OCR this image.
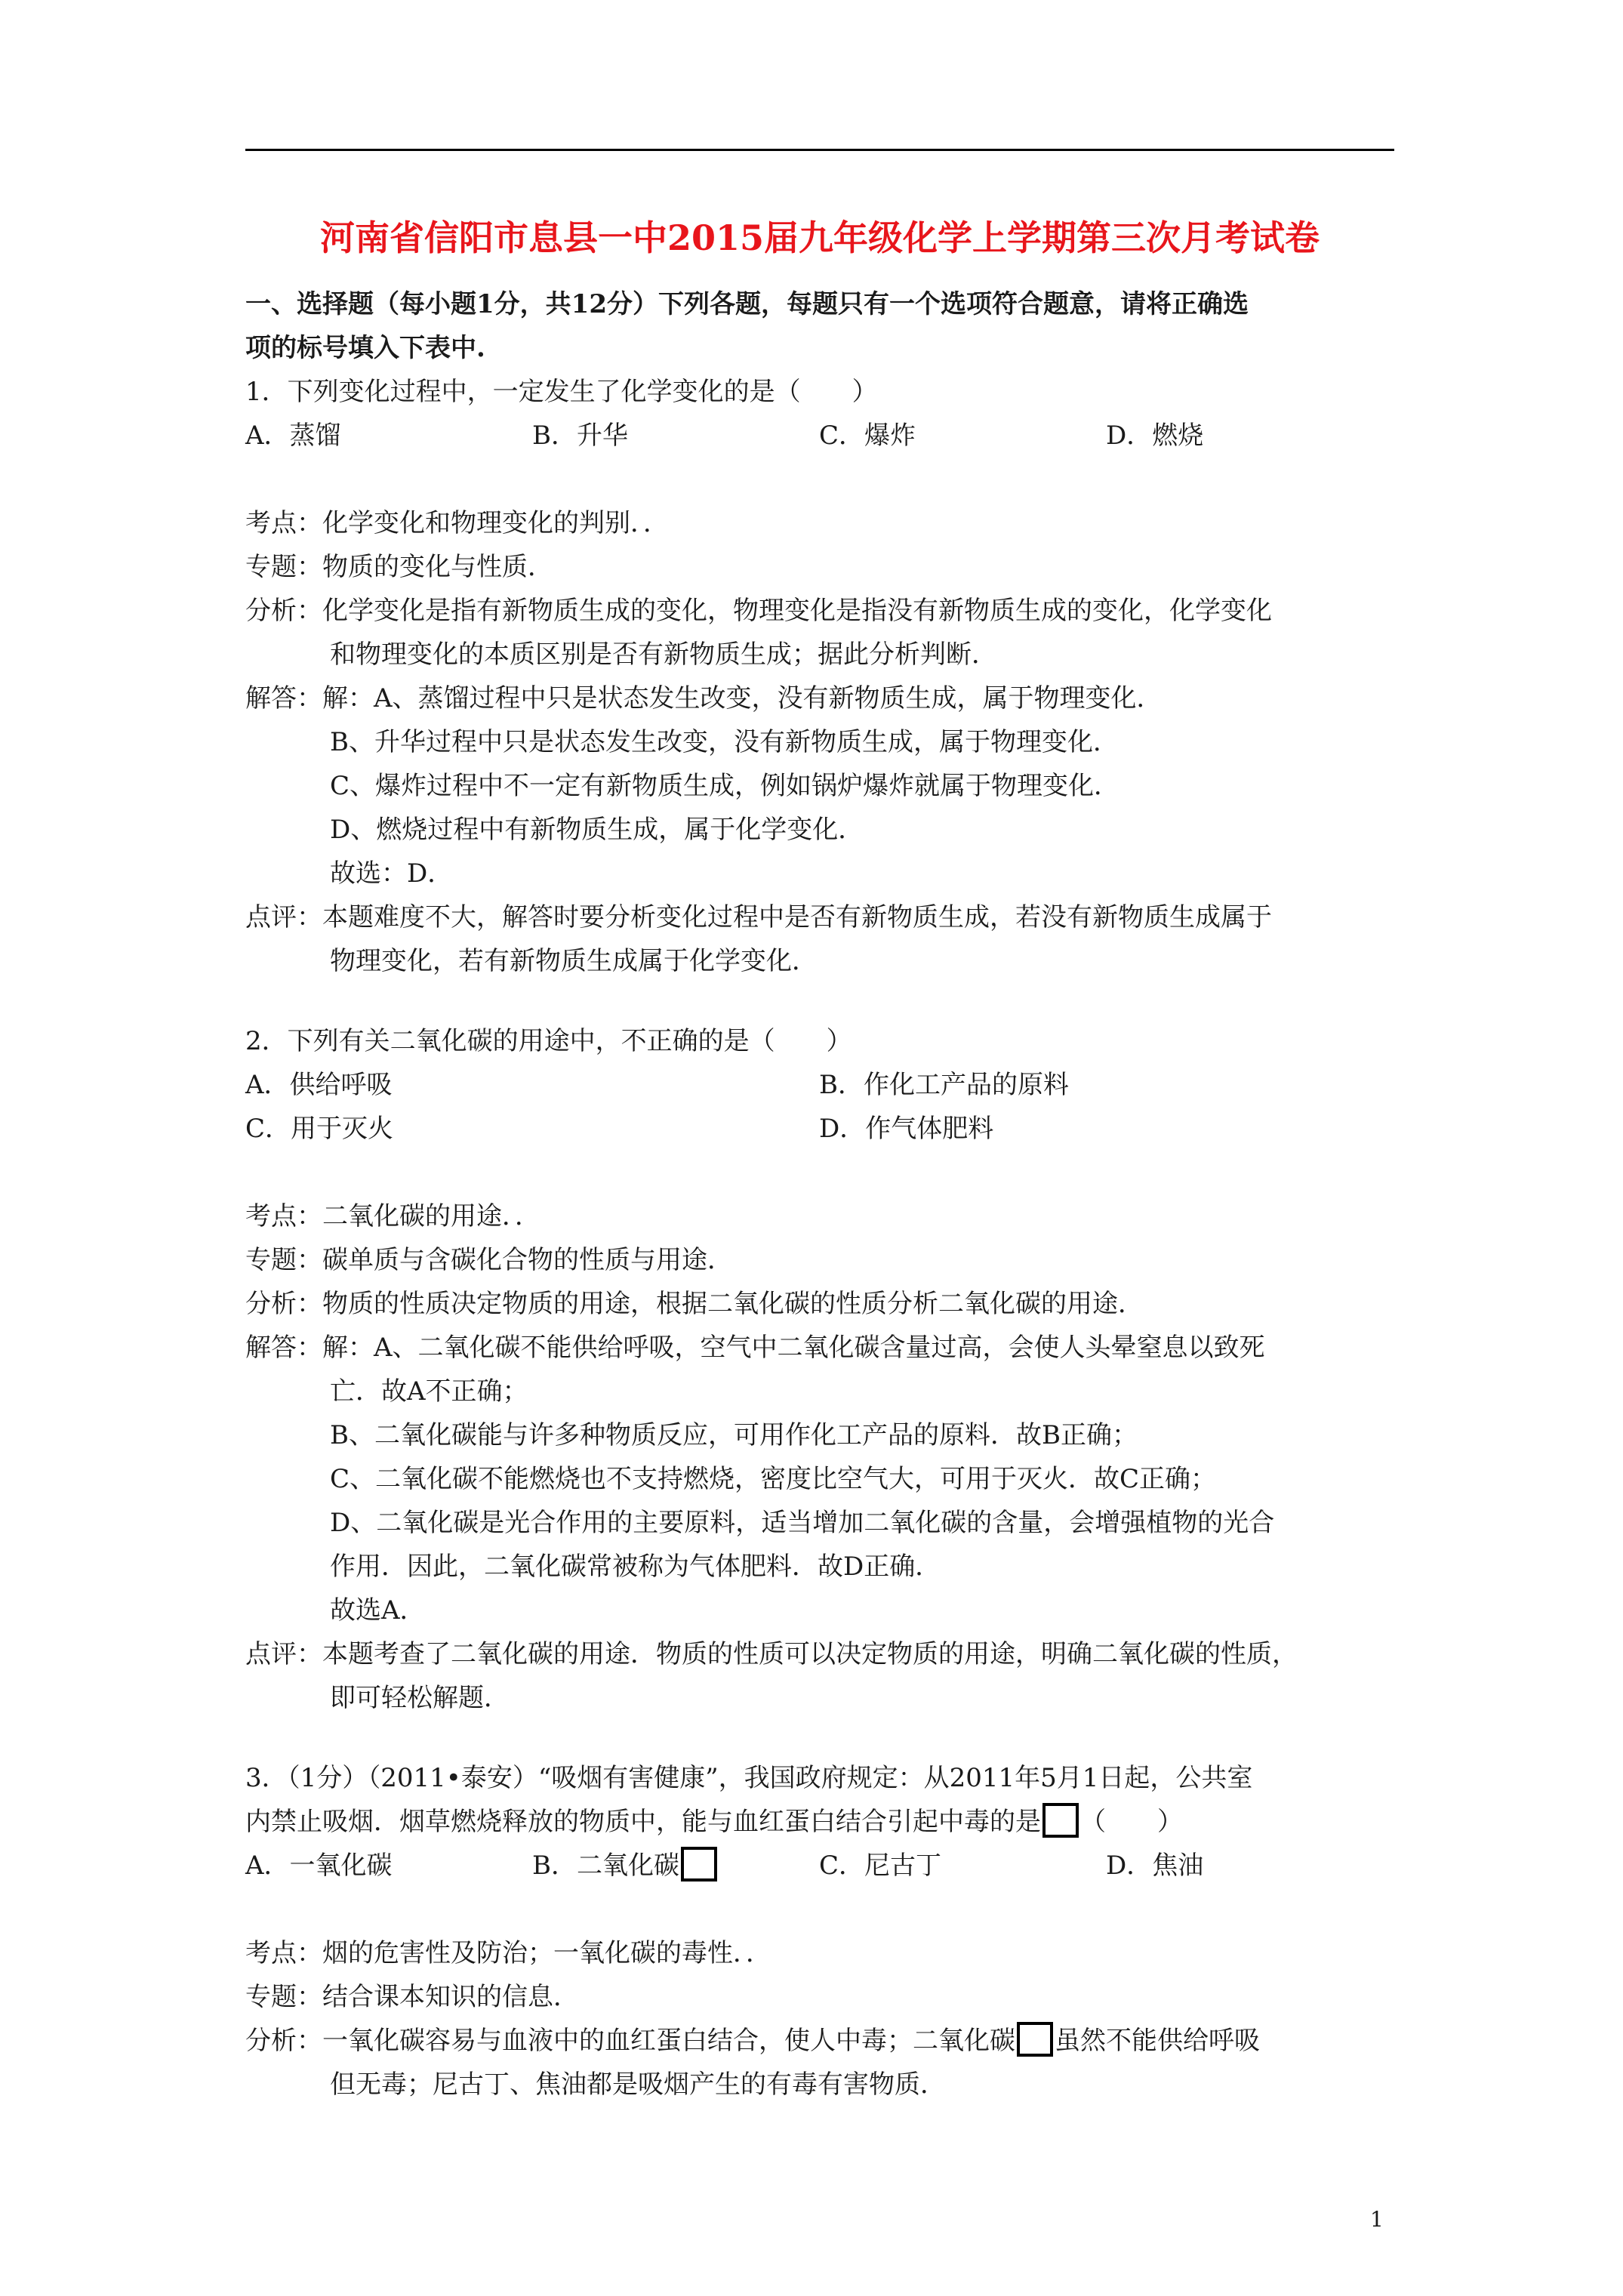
河南省信阳市息县一中2015届九年级化学上学期第三次月考试卷
一、选择题（每小题1分，共12分）下列各题，每题只有一个选项符合题意，请将正确选
项的标号填入下表中.
1．下列变化过程中，一定发生了化学变化的是（　　）
A．蒸馏	B．升华	C．爆炸	D．燃烧
考点：化学变化和物理变化的判别．．
专题：物质的变化与性质．
分析：化学变化是指有新物质生成的变化，物理变化是指没有新物质生成的变化，化学变化
和物理变化的本质区别是否有新物质生成；据此分析判断．
解答：解：A、蒸馏过程中只是状态发生改变，没有新物质生成，属于物理变化．
B、升华过程中只是状态发生改变，没有新物质生成，属于物理变化．
C、爆炸过程中不一定有新物质生成，例如锅炉爆炸就属于物理变化．
D、燃烧过程中有新物质生成，属于化学变化．
故选：D．
点评：本题难度不大，解答时要分析变化过程中是否有新物质生成，若没有新物质生成属于
物理变化，若有新物质生成属于化学变化．
2．下列有关二氧化碳的用途中，不正确的是（　　）
A．供给呼吸	B．作化工产品的原料
C．用于灭火	D．作气体肥料
考点：二氧化碳的用途．．
专题：碳单质与含碳化合物的性质与用途．
分析：物质的性质决定物质的用途，根据二氧化碳的性质分析二氧化碳的用途．
解答：解：A、二氧化碳不能供给呼吸，空气中二氧化碳含量过高，会使人头晕窒息以致死
亡．故A不正确；
B、二氧化碳能与许多种物质反应，可用作化工产品的原料．故B正确；
C、二氧化碳不能燃烧也不支持燃烧，密度比空气大，可用于灭火．故C正确；
D、二氧化碳是光合作用的主要原料，适当增加二氧化碳的含量，会增强植物的光合
作用．因此，二氧化碳常被称为气体肥料．故D正确．
故选A．
点评：本题考查了二氧化碳的用途．物质的性质可以决定物质的用途，明确二氧化碳的性质，
即可轻松解题．
3．（1分）（2011•泰安）“吸烟有害健康”，我国政府规定：从2011年5月1日起，公共室
内禁止吸烟．烟草燃烧释放的物质中，能与血红蛋白结合引起中毒的是 （　　）
A．一氧化碳	B．二氧化碳	C．尼古丁	D．焦油
考点：烟的危害性及防治；一氧化碳的毒性．．
专题：结合课本知识的信息．
分析：一氧化碳容易与血液中的血红蛋白结合，使人中毒；二氧化碳 虽然不能供给呼吸
但无毒；尼古丁、焦油都是吸烟产生的有毒有害物质．
1
